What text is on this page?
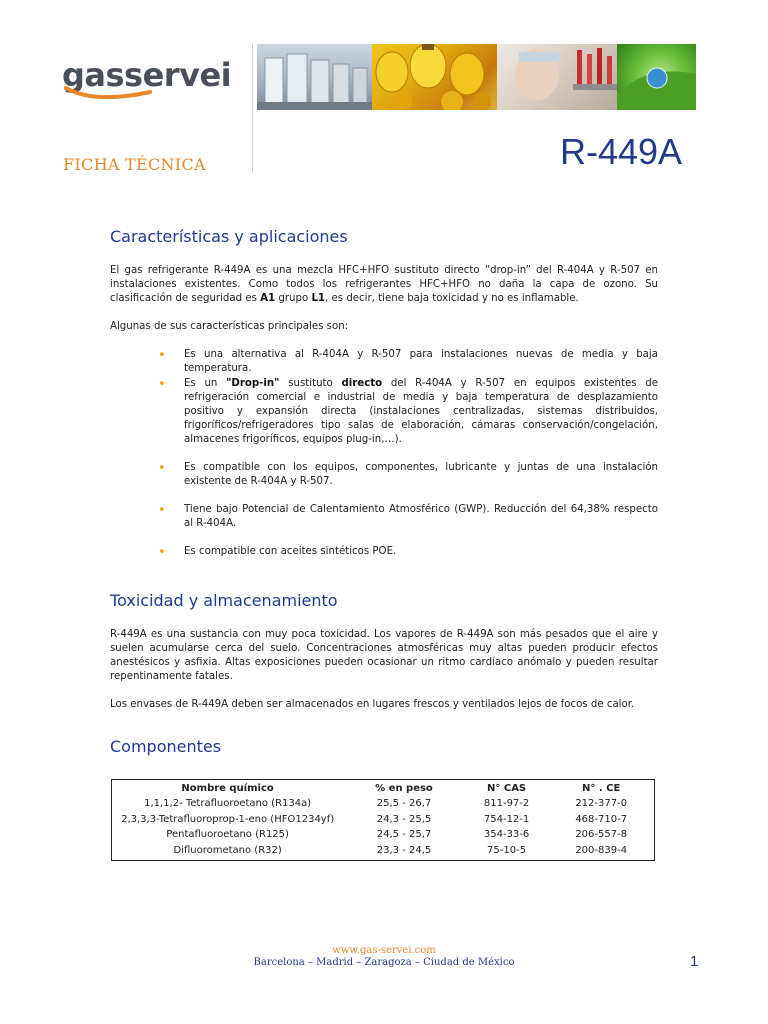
gasservei
FICHA TÉCNICA	R-449A
Características y aplicaciones
El gas refrigerante R-449A es una mezcla HFC+HFO sustituto directo “drop-in” del R-404A y R-507 en instalaciones existentes. Como todos los refrigerantes HFC+HFO no daña la capa de ozono. Su clasificación de seguridad es A1 grupo L1, es decir, tiene baja toxicidad y no es inflamable.
Algunas de sus características principales son:
• Es una alternativa al R-404A y R-507 para instalaciones nuevas de media y baja temperatura.
• Es un "Drop-in" sustituto directo del R-404A y R-507 en equipos existentes de refrigeración comercial e industrial de media y baja temperatura de desplazamiento positivo y expansión directa (instalaciones centralizadas, sistemas distribuidos, frigoríficos/refrigeradores tipo salas de elaboración, cámaras conservación/congelación, almacenes frigoríficos, equipos plug-in,…).
• Es compatible con los equipos, componentes, lubricante y juntas de una instalación existente de R-404A y R-507.
• Tiene bajo Potencial de Calentamiento Atmosférico (GWP). Reducción del 64,38% respecto al R-404A.
• Es compatible con aceites sintéticos POE.
Toxicidad y almacenamiento
R-449A es una sustancia con muy poca toxicidad. Los vapores de R-449A son más pesados que el aire y suelen acumularse cerca del suelo. Concentraciones atmosféricas muy altas pueden producir efectos anestésicos y asfixia. Altas exposiciones pueden ocasionar un ritmo cardíaco anómalo y pueden resultar repentinamente fatales.
Los envases de R-449A deben ser almacenados en lugares frescos y ventilados lejos de focos de calor.
Componentes
Nombre químico	% en peso	N° CAS	N° . CE
1,1,1,2- Tetrafluoroetano (R134a)	25,5 - 26,7	811-97-2	212-377-0
2,3,3,3-Tetrafluoroprop-1-eno (HFO1234yf)	24,3 - 25,5	754-12-1	468-710-7
Pentafluoroetano (R125)	24,5 - 25,7	354-33-6	206-557-8
Difluorometano (R32)	23,3 - 24,5	75-10-5	200-839-4
www.gas-servei.com
Barcelona – Madrid – Zaragoza – Ciudad de México	1
